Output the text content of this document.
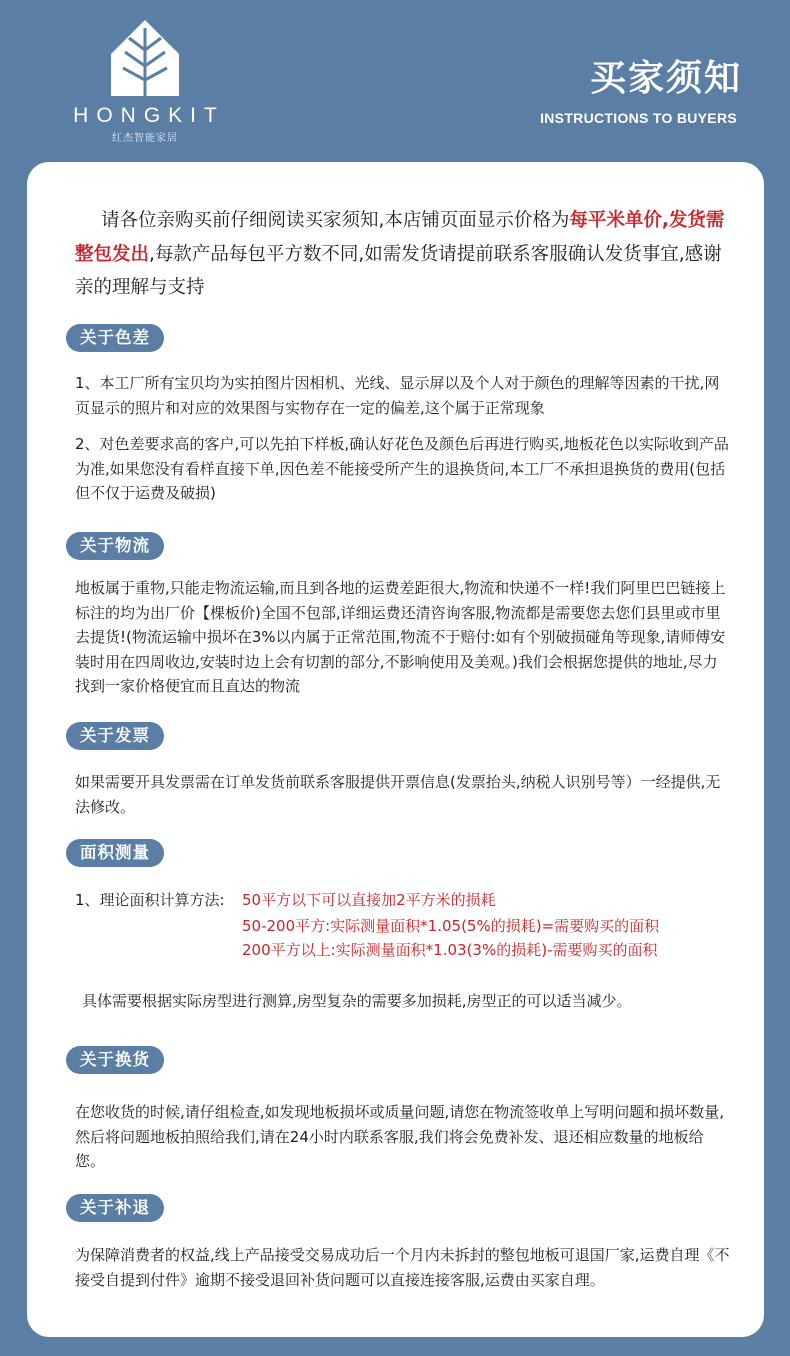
HONGKIT
红杰智能家居
买家须知
INSTRUCTIONS TO BUYERS
请各位亲购买前仔细阅读买家须知,本店铺页面显示价格为每平米单价,发货需整包发出,每款产品每包平方数不同,如需发货请提前联系客服确认发货事宜,感谢亲的理解与支持
关于色差

1、本工厂所有宝贝均为实拍图片因相机、光线、显示屏以及个人对于颜色的理解等因素的干扰,网页显示的照片和对应的效果图与实物存在一定的偏差,这个属于正常现象

2、对色差要求高的客户,可以先拍下样板,确认好花色及颜色后再进行购买,地板花色以实际收到产品为准,如果您没有看样直接下单,因色差不能接受所产生的退换货问,本工厂不承担退换货的费用(包括但不仅于运费及破损)

关于物流

地板属于重物,只能走物流运输,而且到各地的运费差距很大,物流和快递不一样!我们阿里巴巴链接上标注的均为出厂价【棵板价)全国不包部,详细运费还清咨询客服,物流都是需要您去您们县里或市里去提货!(物流运输中损坏在3%以内属于正常范围,物流不于赔付:如有个别破损碰角等现象,请师傅安装时用在四周收边,安装时边上会有切割的部分,不影响使用及美观。)我们会根据您提供的地址,尽力找到一家价格便宜而且直达的物流

关于发票

如果需要开具发票需在订单发货前联系客服提供开票信息(发票抬头,纳税人识别号等）一经提供,无法修改。

面积测量
1、理论面积计算方法: 50平方以下可以直接加2平方米的损耗
50-200平方:实际测量面积*1.05(5%的损耗)=需要购买的面积
200平方以上:实际测量面积*1.03(3%的损耗)-需要购买的面积
具体需要根据实际房型进行测算,房型复杂的需要多加损耗,房型正的可以适当减少。
关于换货

在您收货的时候,请仔组检查,如发现地板损坏或质量问题,请您在物流签收单上写明问题和损坏数量,然后将问题地板拍照给我们,请在24小时内联系客服,我们将会免费补发、退还相应数量的地板给您。

关于补退

为保障消费者的权益,线上产品接受交易成功后一个月内未拆封的整包地板可退国厂家,运费自理《不接受自提到付件》逾期不接受退回补货问题可以直接连接客服,运费由买家自理。
